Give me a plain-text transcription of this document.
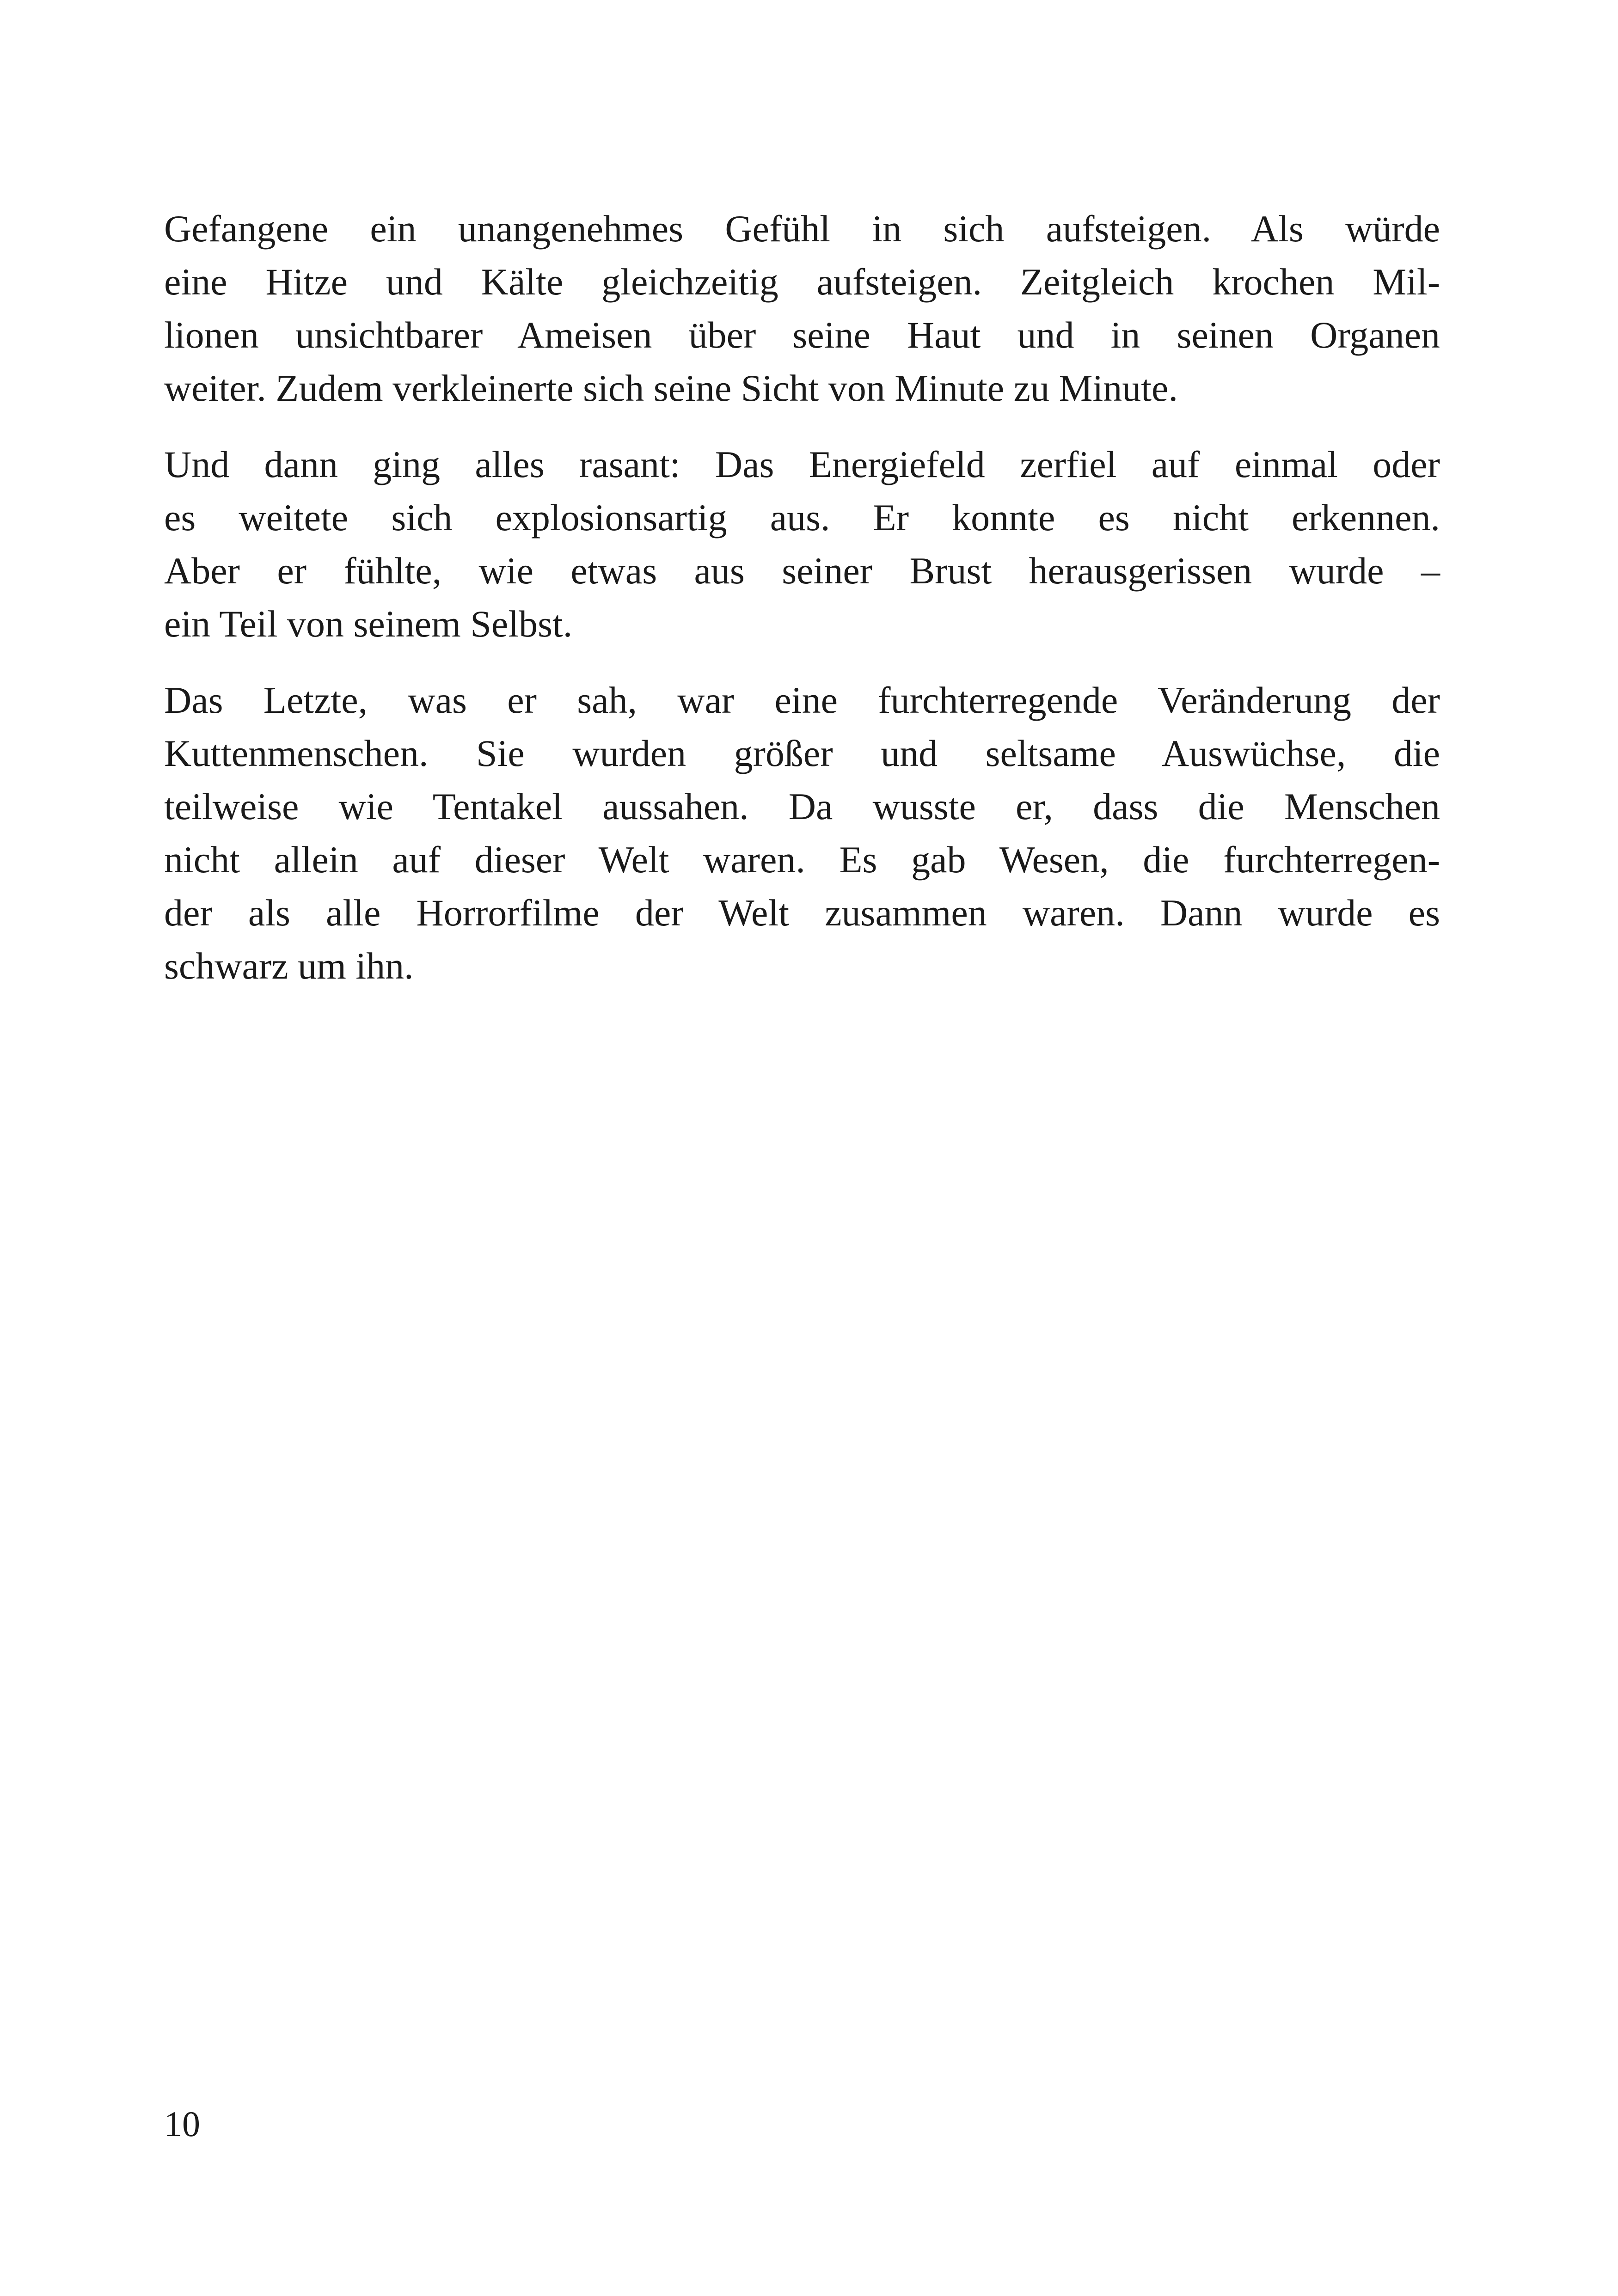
Gefangene ein unangenehmes Gefühl in sich aufsteigen. Als würde
eine Hitze und Kälte gleichzeitig aufsteigen. Zeitgleich krochen Mil-
lionen unsichtbarer Ameisen über seine Haut und in seinen Organen
weiter. Zudem verkleinerte sich seine Sicht von Minute zu Minute.
Und dann ging alles rasant: Das Energiefeld zerfiel auf einmal oder
es weitete sich explosionsartig aus. Er konnte es nicht erkennen.
Aber er fühlte, wie etwas aus seiner Brust herausgerissen wurde –
ein Teil von seinem Selbst.
Das Letzte, was er sah, war eine furchterregende Veränderung der
Kuttenmenschen. Sie wurden größer und seltsame Auswüchse, die
teilweise wie Tentakel aussahen. Da wusste er, dass die Menschen
nicht allein auf dieser Welt waren. Es gab Wesen, die furchterregen-
der als alle Horrorfilme der Welt zusammen waren. Dann wurde es
schwarz um ihn.
10
